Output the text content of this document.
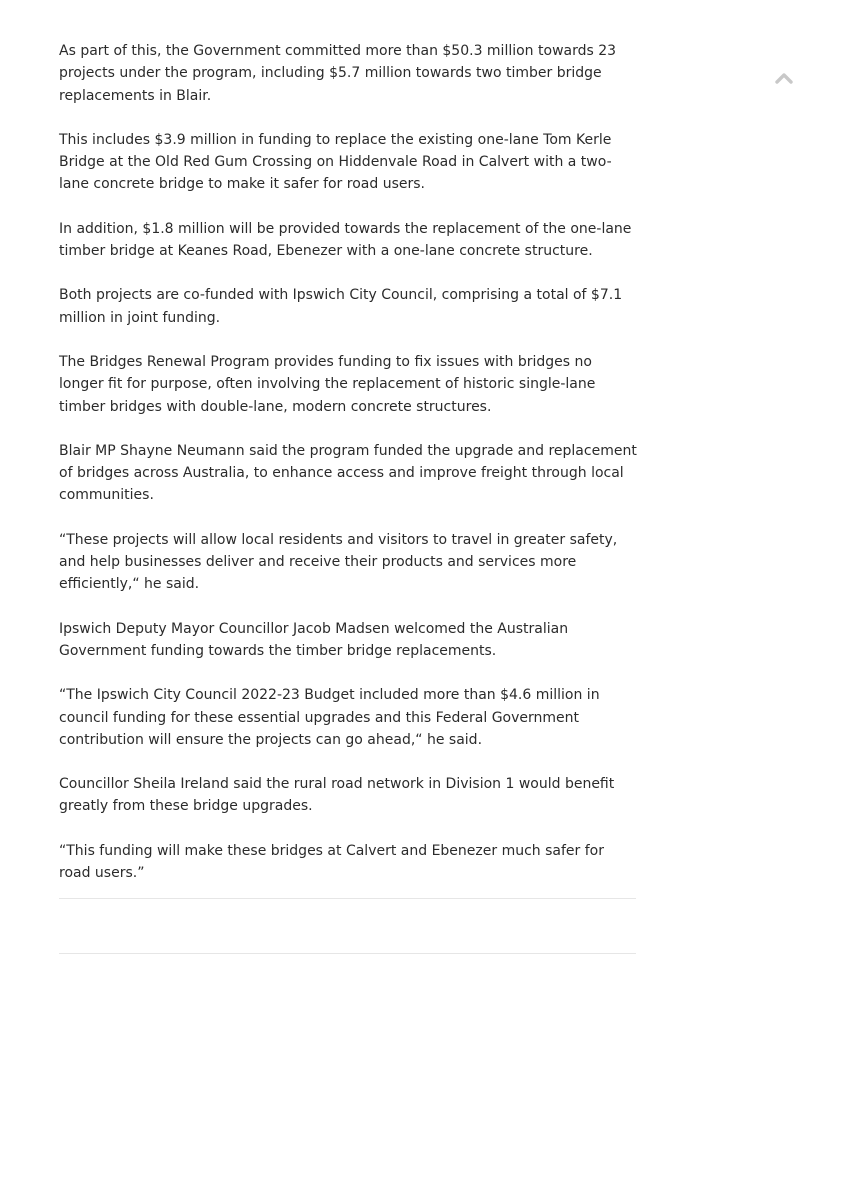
As part of this, the Government committed more than $50.3 million towards 23 projects under the program, including $5.7 million towards two timber bridge replacements in Blair.

This includes $3.9 million in funding to replace the existing one-lane Tom Kerle Bridge at the Old Red Gum Crossing on Hiddenvale Road in Calvert with a two-lane concrete bridge to make it safer for road users.

In addition, $1.8 million will be provided towards the replacement of the one-lane timber bridge at Keanes Road, Ebenezer with a one-lane concrete structure.

Both projects are co-funded with Ipswich City Council, comprising a total of $7.1 million in joint funding.

The Bridges Renewal Program provides funding to fix issues with bridges no longer fit for purpose, often involving the replacement of historic single-lane timber bridges with double-lane, modern concrete structures.

Blair MP Shayne Neumann said the program funded the upgrade and replacement of bridges across Australia, to enhance access and improve freight through local communities.

“These projects will allow local residents and visitors to travel in greater safety, and help businesses deliver and receive their products and services more efficiently,“ he said.

Ipswich Deputy Mayor Councillor Jacob Madsen welcomed the Australian Government funding towards the timber bridge replacements.

“The Ipswich City Council 2022-23 Budget included more than $4.6 million in council funding for these essential upgrades and this Federal Government contribution will ensure the projects can go ahead,“ he said.

Councillor Sheila Ireland said the rural road network in Division 1 would benefit greatly from these bridge upgrades.

“This funding will make these bridges at Calvert and Ebenezer much safer for road users.”
